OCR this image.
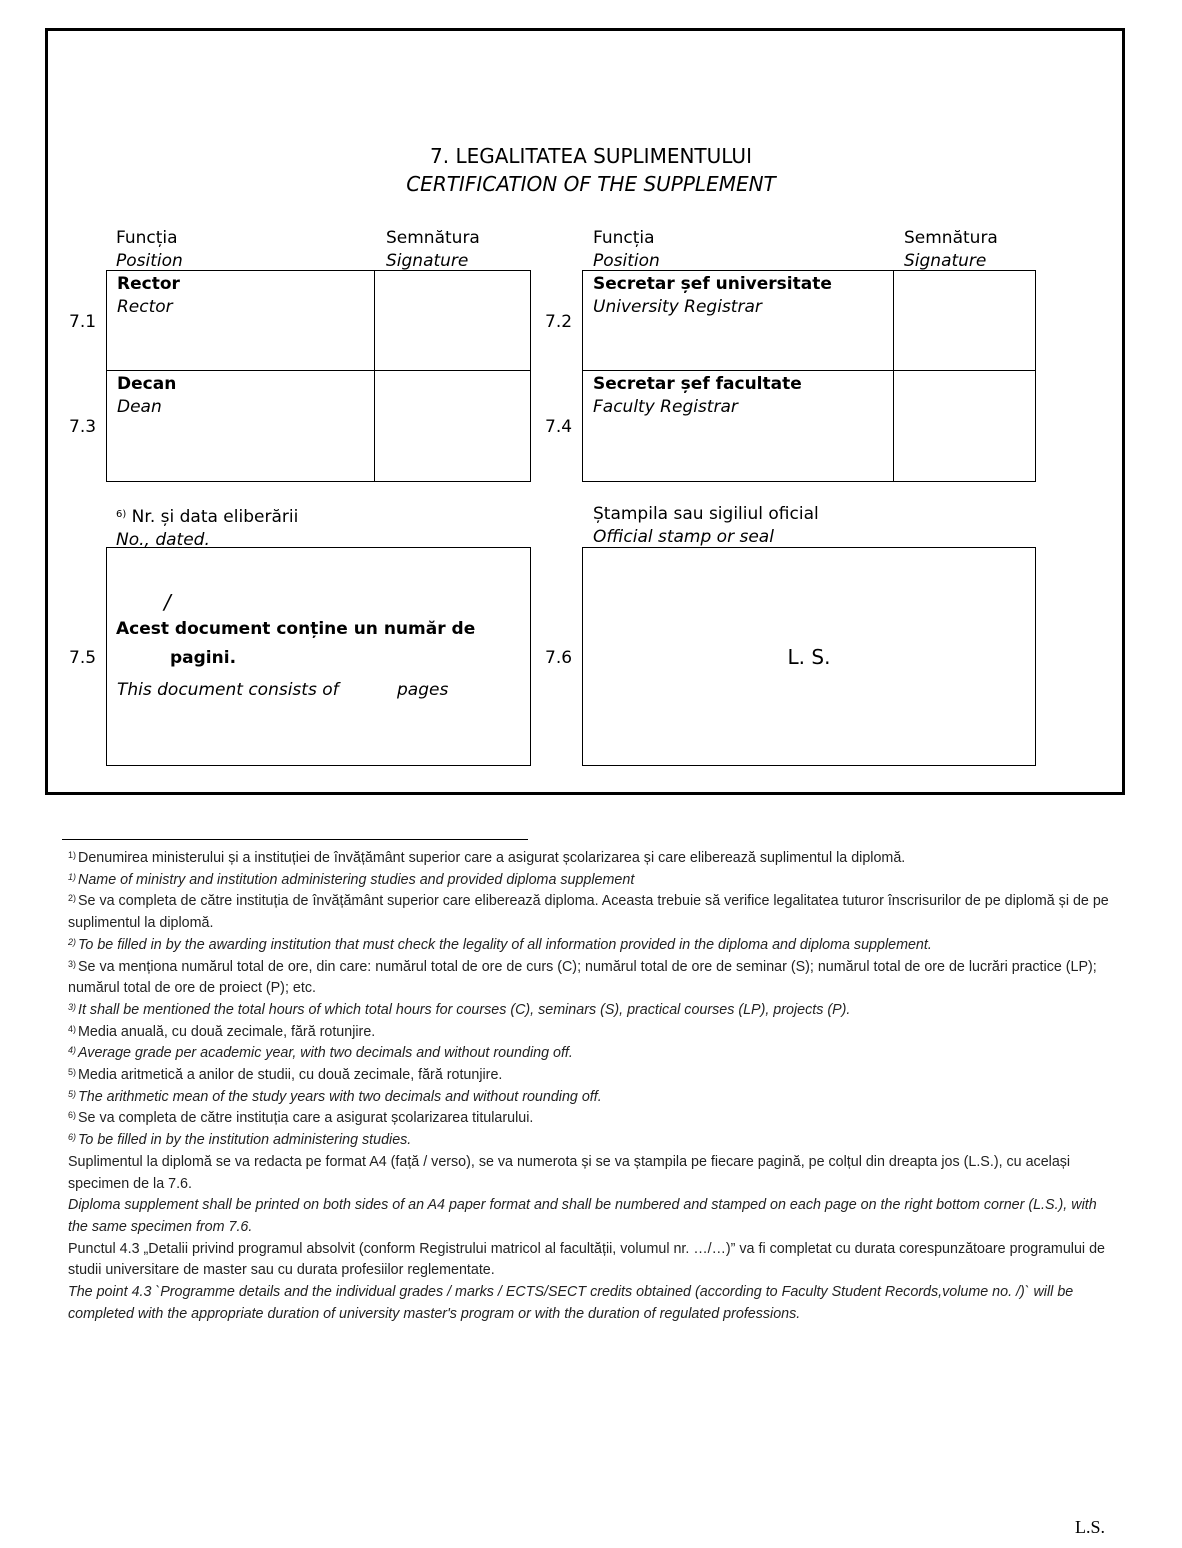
7. LEGALITATEA SUPLIMENTULUI
CERTIFICATION OF THE SUPPLEMENT
Funcția
Position
Semnătura
Signature
Funcția
Position
Semnătura
Signature
7.1
Rector
Rector
7.2
Secretar șef universitate
University Registrar
7.3
Decan
Dean
7.4
Secretar șef facultate
Faculty Registrar
$^{6)}$ Nr. și data eliberării
No., dated.
7.5
/
Acest document conține un număr de
pagini.
This document consists of	pages
Ștampila sau sigiliul oficial
Official stamp or seal
7.6	L. S.

$^{1)}$ Denumirea ministerului și a instituției de învățământ superior care a asigurat școlarizarea și care eliberează suplimentul la diplomă.

$^{1)}$ Name of ministry and institution administering studies and provided diploma supplement

$^{2)}$ Se va completa de către instituția de învățământ superior care eliberează diploma. Aceasta trebuie să verifice legalitatea tuturor înscrisurilor de pe diplomă și de pe suplimentul la diplomă.

$^{2)}$ To be filled in by the awarding institution that must check the legality of all information provided in the diploma and diploma supplement.

$^{3)}$ Se va menționa numărul total de ore, din care: numărul total de ore de curs (C); numărul total de ore de seminar (S); numărul total de ore de lucrări practice (LP); numărul total de ore de proiect (P); etc.

$^{3)}$ It shall be mentioned the total hours of which total hours for courses (C), seminars (S), practical courses (LP), projects (P).

$^{4)}$ Media anuală, cu două zecimale, fără rotunjire.

$^{4)}$ Average grade per academic year, with two decimals and without rounding off.

$^{5)}$ Media aritmetică a anilor de studii, cu două zecimale, fără rotunjire.

$^{5)}$ The arithmetic mean of the study years with two decimals and without rounding off.

$^{6)}$ Se va completa de către instituția care a asigurat școlarizarea titularului.

$^{6)}$ To be filled in by the institution administering studies.

Suplimentul la diplomă se va redacta pe format A4 (față / verso), se va numerota și se va ștampila pe fiecare pagină, pe colțul din dreapta jos (L.S.), cu același specimen de la 7.6.

Diploma supplement shall be printed on both sides of an A4 paper format and shall be numbered and stamped on each page on the right bottom corner (L.S.), with the same specimen from 7.6.

Punctul 4.3 „Detalii privind programul absolvit (conform Registrului matricol al facultății, volumul nr. …/…)” va fi completat cu durata corespunzătoare programului de studii universitare de master sau cu durata profesiilor reglementate.

The point 4.3 `Programme details and the individual grades / marks / ECTS/SECT credits obtained (according to Faculty Student Records,volume no. /)` will be completed with the appropriate duration of university master's program or with the duration of regulated professions.

L.S.
